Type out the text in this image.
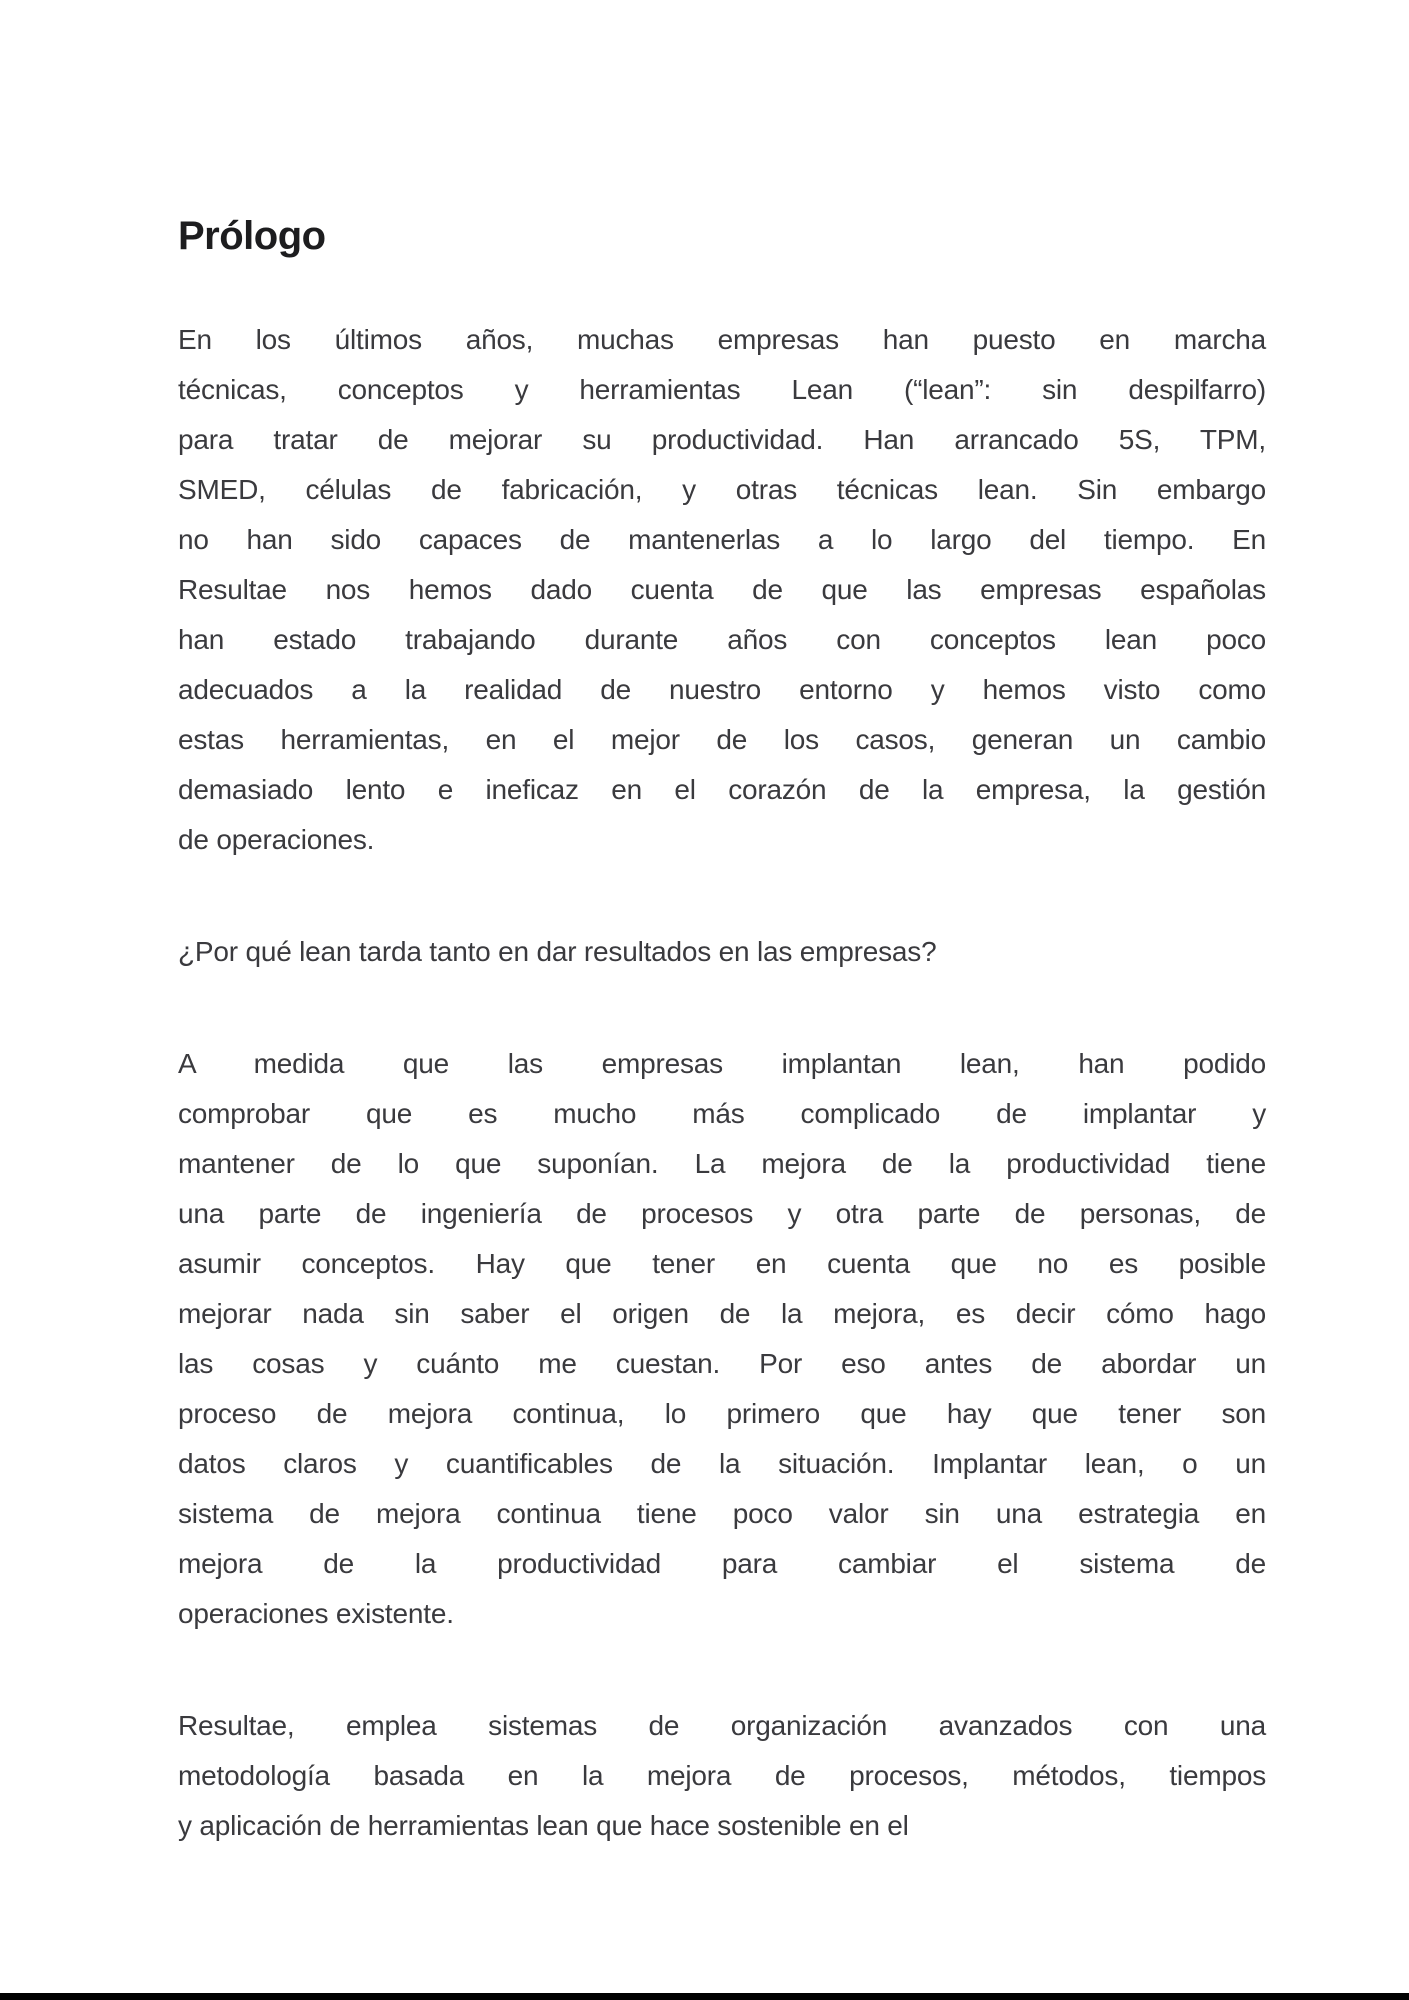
Prólogo
En los últimos años, muchas empresas han puesto en marcha
técnicas, conceptos y herramientas Lean (“lean”: sin despilfarro)
para tratar de mejorar su productividad. Han arrancado 5S, TPM,
SMED, células de fabricación, y otras técnicas lean. Sin embargo
no han sido capaces de mantenerlas a lo largo del tiempo. En
Resultae nos hemos dado cuenta de que las empresas españolas
han estado trabajando durante años con conceptos lean poco
adecuados a la realidad de nuestro entorno y hemos visto como
estas herramientas, en el mejor de los casos, generan un cambio
demasiado lento e ineficaz en el corazón de la empresa, la gestión
de operaciones.
¿Por qué lean tarda tanto en dar resultados en las empresas?
A medida que las empresas implantan lean, han podido
comprobar que es mucho más complicado de implantar y
mantener de lo que suponían. La mejora de la productividad tiene
una parte de ingeniería de procesos y otra parte de personas, de
asumir conceptos. Hay que tener en cuenta que no es posible
mejorar nada sin saber el origen de la mejora, es decir cómo hago
las cosas y cuánto me cuestan. Por eso antes de abordar un
proceso de mejora continua, lo primero que hay que tener son
datos claros y cuantificables de la situación. Implantar lean, o un
sistema de mejora continua tiene poco valor sin una estrategia en
mejora de la productividad para cambiar el sistema de
operaciones existente.
Resultae, emplea sistemas de organización avanzados con una
metodología basada en la mejora de procesos, métodos, tiempos
y aplicación de herramientas lean que hace sostenible en el
